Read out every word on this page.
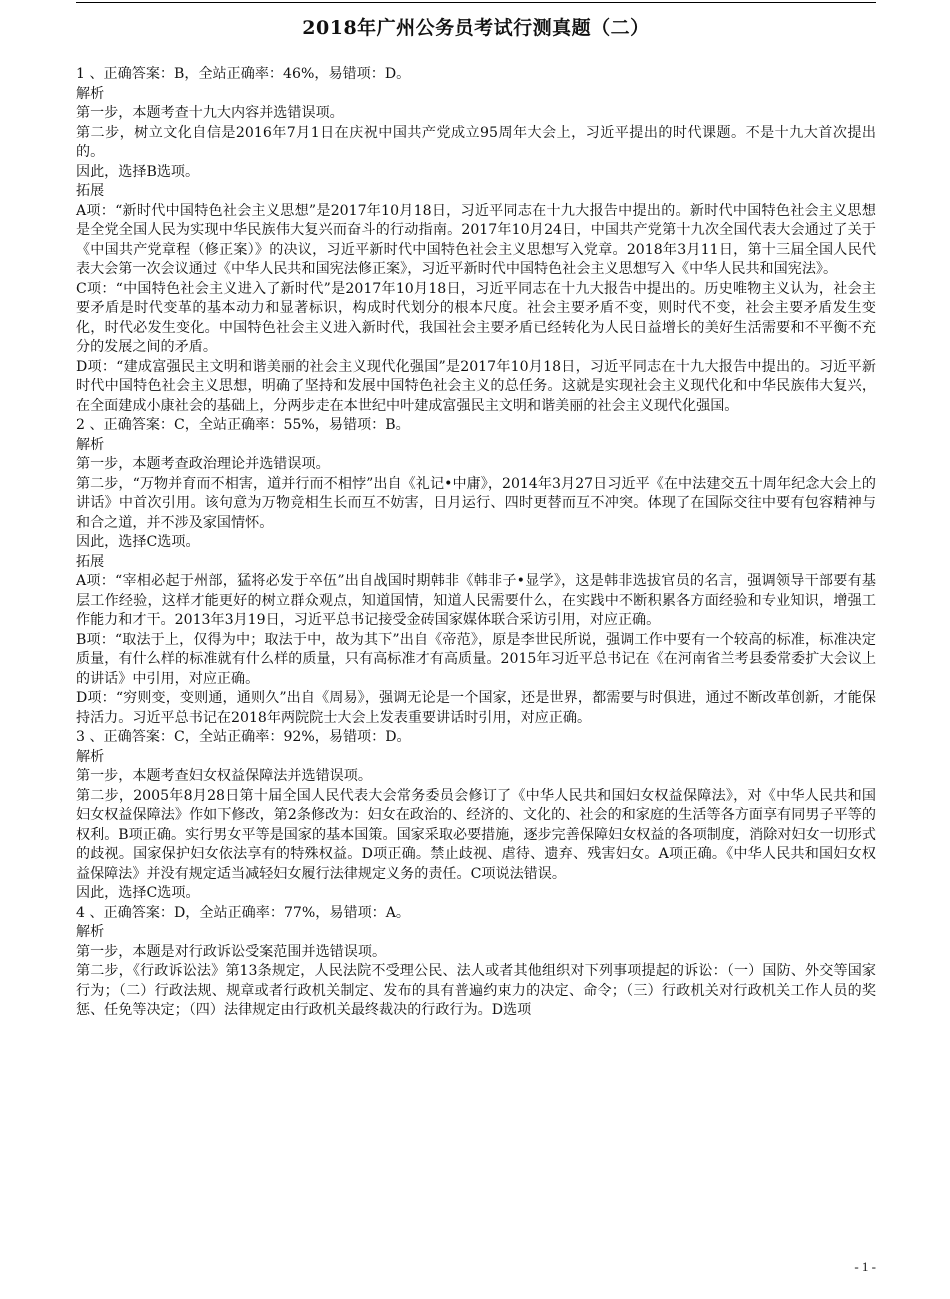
2018年广州公务员考试行测真题（二）

1 、正确答案：B，全站正确率：46%，易错项：D。

解析

第一步，本题考查十九大内容并选错误项。

第二步，树立文化自信是2016年7月1日在庆祝中国共产党成立95周年大会上，习近平提出的时代课题。不是十九大首次提出的。

因此，选择B选项。

拓展

A项：“新时代中国特色社会主义思想”是2017年10月18日，习近平同志在十九大报告中提出的。新时代中国特色社会主义思想是全党全国人民为实现中华民族伟大复兴而奋斗的行动指南。2017年10月24日，中国共产党第十九次全国代表大会通过了关于《中国共产党章程（修正案）》的决议，习近平新时代中国特色社会主义思想写入党章。2018年3月11日，第十三届全国人民代表大会第一次会议通过《中华人民共和国宪法修正案》，习近平新时代中国特色社会主义思想写入《中华人民共和国宪法》。

C项：“中国特色社会主义进入了新时代”是2017年10月18日，习近平同志在十九大报告中提出的。历史唯物主义认为，社会主要矛盾是时代变革的基本动力和显著标识，构成时代划分的根本尺度。社会主要矛盾不变，则时代不变，社会主要矛盾发生变化，时代必发生变化。中国特色社会主义进入新时代，我国社会主要矛盾已经转化为人民日益增长的美好生活需要和不平衡不充分的发展之间的矛盾。

D项：“建成富强民主文明和谐美丽的社会主义现代化强国”是2017年10月18日，习近平同志在十九大报告中提出的。习近平新时代中国特色社会主义思想，明确了坚持和发展中国特色社会主义的总任务。这就是实现社会主义现代化和中华民族伟大复兴，在全面建成小康社会的基础上，分两步走在本世纪中叶建成富强民主文明和谐美丽的社会主义现代化强国。

2 、正确答案：C，全站正确率：55%，易错项：B。

解析

第一步，本题考查政治理论并选错误项。

第二步，“万物并育而不相害，道并行而不相悖”出自《礼记•中庸》，2014年3月27日习近平《在中法建交五十周年纪念大会上的讲话》中首次引用。该句意为万物竞相生长而互不妨害，日月运行、四时更替而互不冲突。体现了在国际交往中要有包容精神与和合之道，并不涉及家国情怀。

因此，选择C选项。

拓展

A项：“宰相必起于州部，猛将必发于卒伍”出自战国时期韩非《韩非子•显学》，这是韩非选拔官员的名言，强调领导干部要有基层工作经验，这样才能更好的树立群众观点，知道国情，知道人民需要什么，在实践中不断积累各方面经验和专业知识，增强工作能力和才干。2013年3月19日，习近平总书记接受金砖国家媒体联合采访引用，对应正确。

B项：“取法于上，仅得为中；取法于中，故为其下”出自《帝范》，原是李世民所说，强调工作中要有一个较高的标准，标准决定质量，有什么样的标准就有什么样的质量，只有高标准才有高质量。2015年习近平总书记在《在河南省兰考县委常委扩大会议上的讲话》中引用，对应正确。

D项：“穷则变，变则通，通则久”出自《周易》，强调无论是一个国家，还是世界，都需要与时俱进，通过不断改革创新，才能保持活力。习近平总书记在2018年两院院士大会上发表重要讲话时引用，对应正确。

3 、正确答案：C，全站正确率：92%，易错项：D。

解析

第一步，本题考查妇女权益保障法并选错误项。

第二步，2005年8月28日第十届全国人民代表大会常务委员会修订了《中华人民共和国妇女权益保障法》，对《中华人民共和国妇女权益保障法》作如下修改，第2条修改为：妇女在政治的、经济的、文化的、社会的和家庭的生活等各方面享有同男子平等的权利。B项正确。实行男女平等是国家的基本国策。国家采取必要措施，逐步完善保障妇女权益的各项制度，消除对妇女一切形式的歧视。国家保护妇女依法享有的特殊权益。D项正确。禁止歧视、虐待、遗弃、残害妇女。A项正确。《中华人民共和国妇女权益保障法》并没有规定适当减轻妇女履行法律规定义务的责任。C项说法错误。

因此，选择C选项。

4 、正确答案：D，全站正确率：77%，易错项：A。

解析

第一步，本题是对行政诉讼受案范围并选错误项。

第二步，《行政诉讼法》第13条规定，人民法院不受理公民、法人或者其他组织对下列事项提起的诉讼：（一）国防、外交等国家行为；（二）行政法规、规章或者行政机关制定、发布的具有普遍约束力的决定、命令；（三）行政机关对行政机关工作人员的奖惩、任免等决定；（四）法律规定由行政机关最终裁决的行政行为。D选项

- 1 -
